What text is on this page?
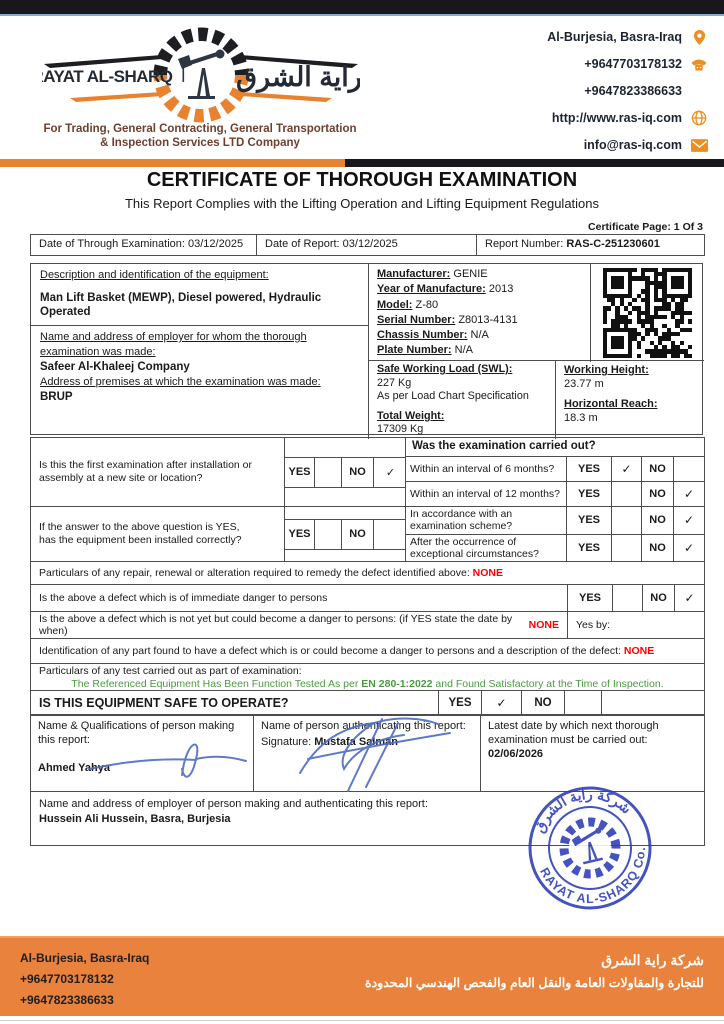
RAYAT AL-SHARQ راية الشرق
For Trading, General Contracting, General Transportation
& Inspection Services LTD Company
Al-Burjesia, Basra-Iraq
+9647703178132
+9647823386633
http://www.ras-iq.com
info@ras-iq.com
CERTIFICATE OF THOROUGH EXAMINATION
This Report Complies with the Lifting Operation and Lifting Equipment Regulations
Certificate Page: 1 Of 3
Date of Through Examination: 03/12/2025	Date of Report: 03/12/2025	Report Number: RAS-C-251230601
Description and identification of the equipment:
Man Lift Basket (MEWP), Diesel powered, Hydraulic Operated
Name and address of employer for whom the thorough examination was made:
Safeer Al-Khaleej Company
Address of premises at which the examination was made:
BRUP
Manufacturer: GENIE
Year of Manufacture: 2013
Model: Z-80
Serial Number: Z8013-4131
Chassis Number: N/A
Plate Number: N/A
Safe Working Load (SWL):
227 Kg
As per Load Chart Specification
Total Weight:
17309 Kg
Working Height:
23.77 m
Horizontal Reach:
18.3 m
Is this the first examination after installation or assembly at a new site or location?	YES	NO	✓
Was the examination carried out?
Within an interval of 6 months?	YES	✓	NO
Within an interval of 12 months?	YES	NO	✓
If the answer to the above question is YES,
has the equipment been installed correctly?	YES	NO
In accordance with an examination scheme?	YES	NO	✓
After the occurrence of exceptional circumstances?	YES	NO	✓
Particulars of any repair, renewal or alteration required to remedy the defect identified above: NONE
Is the above a defect which is of immediate danger to persons	YES	NO	✓
Is the above a defect which is not yet but could become a danger to persons: (if YES state the date by when)
	NONE	Yes by:
Identification of any part found to have a defect which is or could become a danger to persons and a description of the defect: NONE
Particulars of any test carried out as part of examination:
The Referenced Equipment Has Been Function Tested As per EN 280-1:2022 and Found Satisfactory at the Time of Inspection.
IS THIS EQUIPMENT SAFE TO OPERATE?	YES	✓	NO
Name & Qualifications of person making this report:
Ahmed Yahya
Name of person authenticating this report:
Signature: Mustafa Salman
Latest date by which next thorough examination must be carried out:
02/06/2026
Name and address of employer of person making and authenticating this report:
Hussein Ali Hussein, Basra, Burjesia	شركة راية الشرق
RAYAT AL-SHARQ Co.
Al-Burjesia, Basra-Iraq
+9647703178132
+9647823386633
شركة راية الشرق
للتجارة والمقاولات العامة والنقل العام والفحص الهندسي المحدودة
